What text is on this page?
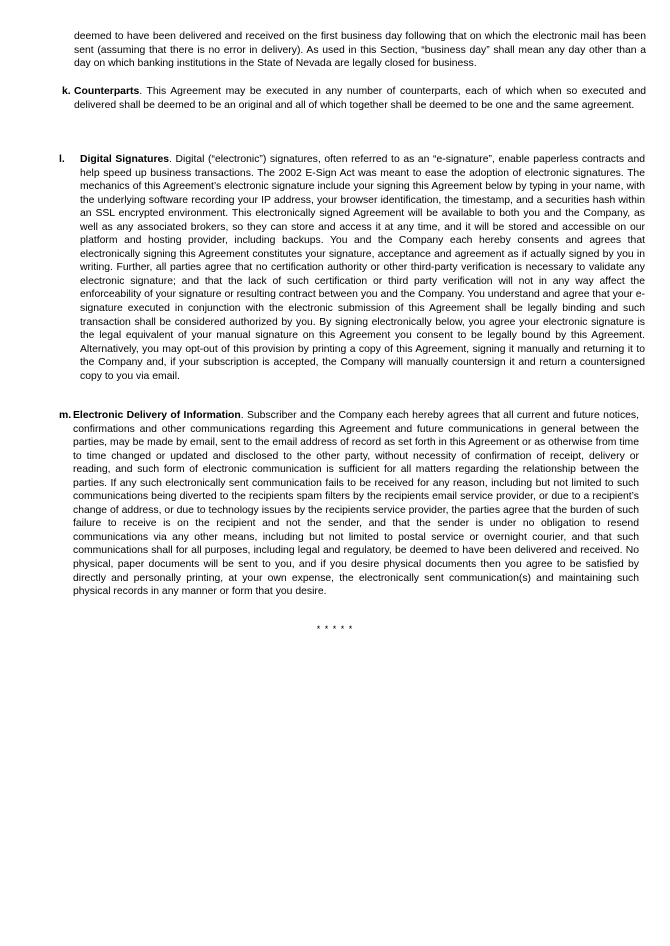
deemed to have been delivered and received on the first business day following that on which the electronic mail has been sent (assuming that there is no error in delivery). As used in this Section, “business day” shall mean any day other than a day on which banking institutions in the State of Nevada are legally closed for business.
k. Counterparts. This Agreement may be executed in any number of counterparts, each of which when so executed and delivered shall be deemed to be an original and all of which together shall be deemed to be one and the same agreement.
l. Digital Signatures. Digital (“electronic”) signatures, often referred to as an “e-signature”, enable paperless contracts and help speed up business transactions. The 2002 E-Sign Act was meant to ease the adoption of electronic signatures. The mechanics of this Agreement’s electronic signature include your signing this Agreement below by typing in your name, with the underlying software recording your IP address, your browser identification, the timestamp, and a securities hash within an SSL encrypted environment. This electronically signed Agreement will be available to both you and the Company, as well as any associated brokers, so they can store and access it at any time, and it will be stored and accessible on our platform and hosting provider, including backups. You and the Company each hereby consents and agrees that electronically signing this Agreement constitutes your signature, acceptance and agreement as if actually signed by you in writing. Further, all parties agree that no certification authority or other third-party verification is necessary to validate any electronic signature; and that the lack of such certification or third party verification will not in any way affect the enforceability of your signature or resulting contract between you and the Company. You understand and agree that your e-signature executed in conjunction with the electronic submission of this Agreement shall be legally binding and such transaction shall be considered authorized by you. By signing electronically below, you agree your electronic signature is the legal equivalent of your manual signature on this Agreement you consent to be legally bound by this Agreement. Alternatively, you may opt-out of this provision by printing a copy of this Agreement, signing it manually and returning it to the Company and, if your subscription is accepted, the Company will manually countersign it and return a countersigned copy to you via email.
m. Electronic Delivery of Information. Subscriber and the Company each hereby agrees that all current and future notices, confirmations and other communications regarding this Agreement and future communications in general between the parties, may be made by email, sent to the email address of record as set forth in this Agreement or as otherwise from time to time changed or updated and disclosed to the other party, without necessity of confirmation of receipt, delivery or reading, and such form of electronic communication is sufficient for all matters regarding the relationship between the parties. If any such electronically sent communication fails to be received for any reason, including but not limited to such communications being diverted to the recipients spam filters by the recipients email service provider, or due to a recipient’s change of address, or due to technology issues by the recipients service provider, the parties agree that the burden of such failure to receive is on the recipient and not the sender, and that the sender is under no obligation to resend communications via any other means, including but not limited to postal service or overnight courier, and that such communications shall for all purposes, including legal and regulatory, be deemed to have been delivered and received. No physical, paper documents will be sent to you, and if you desire physical documents then you agree to be satisfied by directly and personally printing, at your own expense, the electronically sent communication(s) and maintaining such physical records in any manner or form that you desire.
* * * * *
